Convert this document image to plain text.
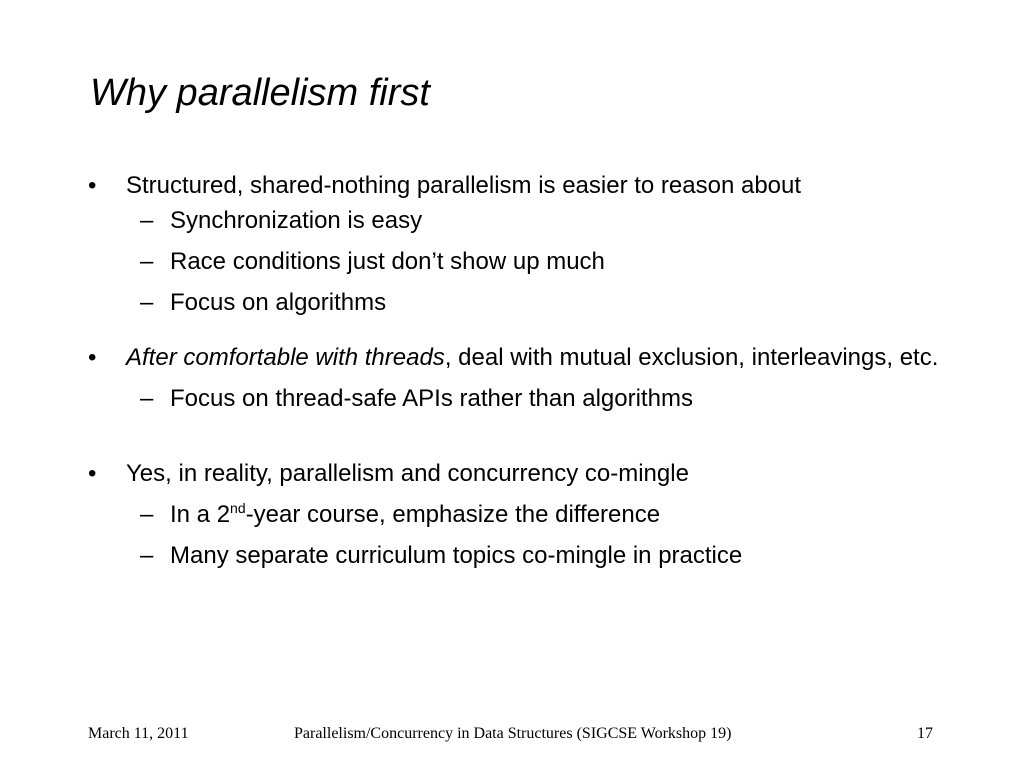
Why parallelism first
• Structured, shared-nothing parallelism is easier to reason about
– Synchronization is easy
– Race conditions just don’t show up much
– Focus on algorithms
• After comfortable with threads, deal with mutual exclusion, interleavings, etc.
– Focus on thread-safe APIs rather than algorithms
• Yes, in reality, parallelism and concurrency co-mingle
– In a 2nd-year course, emphasize the difference
– Many separate curriculum topics co-mingle in practice
March 11, 2011	Parallelism/Concurrency in Data Structures (SIGCSE Workshop 19)	17
